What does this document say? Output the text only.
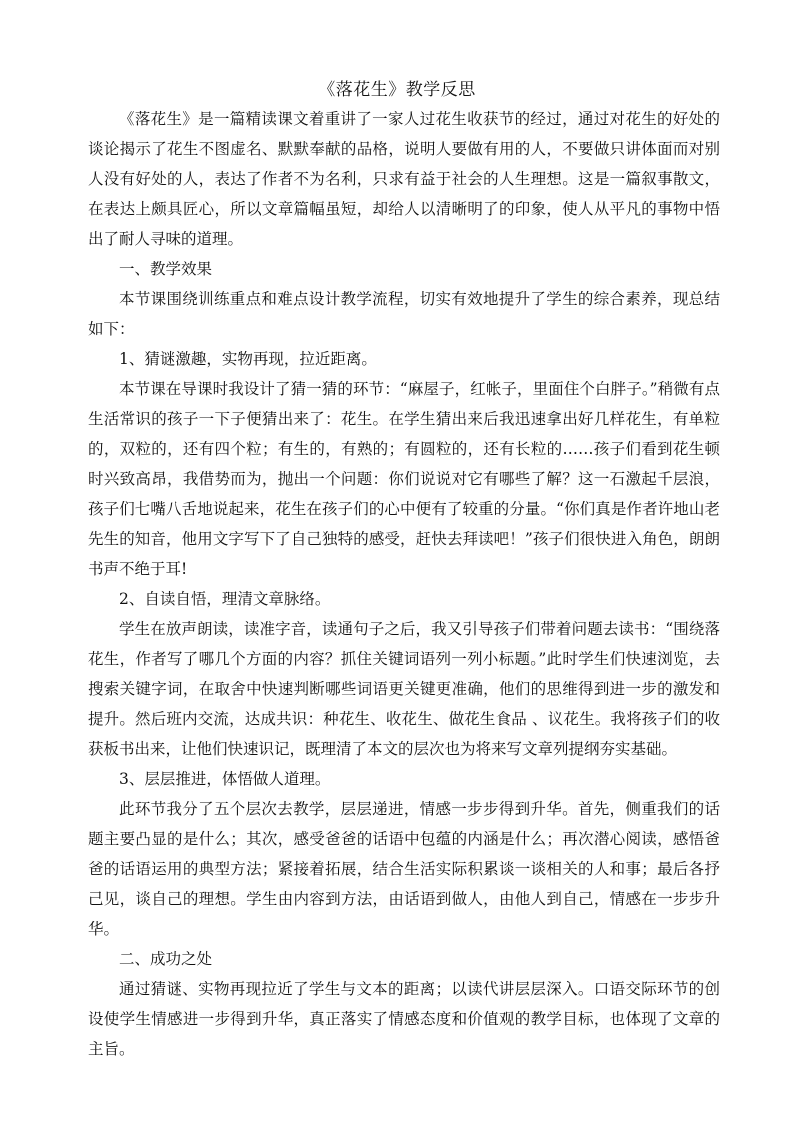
《落花生》教学反思

《落花生》是一篇精读课文着重讲了一家人过花生收获节的经过，通过对花生的好处的谈论揭示了花生不图虚名、默默奉献的品格，说明人要做有用的人，不要做只讲体面而对别人没有好处的人，表达了作者不为名利，只求有益于社会的人生理想。这是一篇叙事散文，在表达上颇具匠心，所以文章篇幅虽短，却给人以清晰明了的印象，使人从平凡的事物中悟出了耐人寻味的道理。

一、教学效果

本节课围绕训练重点和难点设计教学流程，切实有效地提升了学生的综合素养，现总结如下：

1、猜谜激趣，实物再现，拉近距离。

本节课在导课时我设计了猜一猜的环节：“麻屋子，红帐子，里面住个白胖子。”稍微有点生活常识的孩子一下子便猜出来了：花生。在学生猜出来后我迅速拿出好几样花生，有单粒的，双粒的，还有四个粒；有生的，有熟的；有圆粒的，还有长粒的……孩子们看到花生顿时兴致高昂，我借势而为，抛出一个问题：你们说说对它有哪些了解？这一石激起千层浪，孩子们七嘴八舌地说起来，花生在孩子们的心中便有了较重的分量。“你们真是作者许地山老先生的知音，他用文字写下了自己独特的感受，赶快去拜读吧！”孩子们很快进入角色，朗朗书声不绝于耳!

2、自读自悟，理清文章脉络。

学生在放声朗读，读准字音，读通句子之后，我又引导孩子们带着问题去读书：“围绕落花生，作者写了哪几个方面的内容？抓住关键词语列一列小标题。”此时学生们快速浏览，去搜索关键字词，在取舍中快速判断哪些词语更关键更准确，他们的思维得到进一步的激发和提升。然后班内交流，达成共识：种花生、收花生、做花生食品 、议花生。我将孩子们的收获板书出来，让他们快速识记，既理清了本文的层次也为将来写文章列提纲夯实基础。

3、层层推进，体悟做人道理。

此环节我分了五个层次去教学，层层递进，情感一步步得到升华。首先，侧重我们的话题主要凸显的是什么；其次，感受爸爸的话语中包蕴的内涵是什么；再次潜心阅读，感悟爸爸的话语运用的典型方法；紧接着拓展，结合生活实际积累谈一谈相关的人和事；最后各抒己见，谈自己的理想。学生由内容到方法，由话语到做人，由他人到自己，情感在一步步升华。

二、成功之处

通过猜谜、实物再现拉近了学生与文本的距离；以读代讲层层深入。口语交际环节的创设使学生情感进一步得到升华，真正落实了情感态度和价值观的教学目标，也体现了文章的主旨。
